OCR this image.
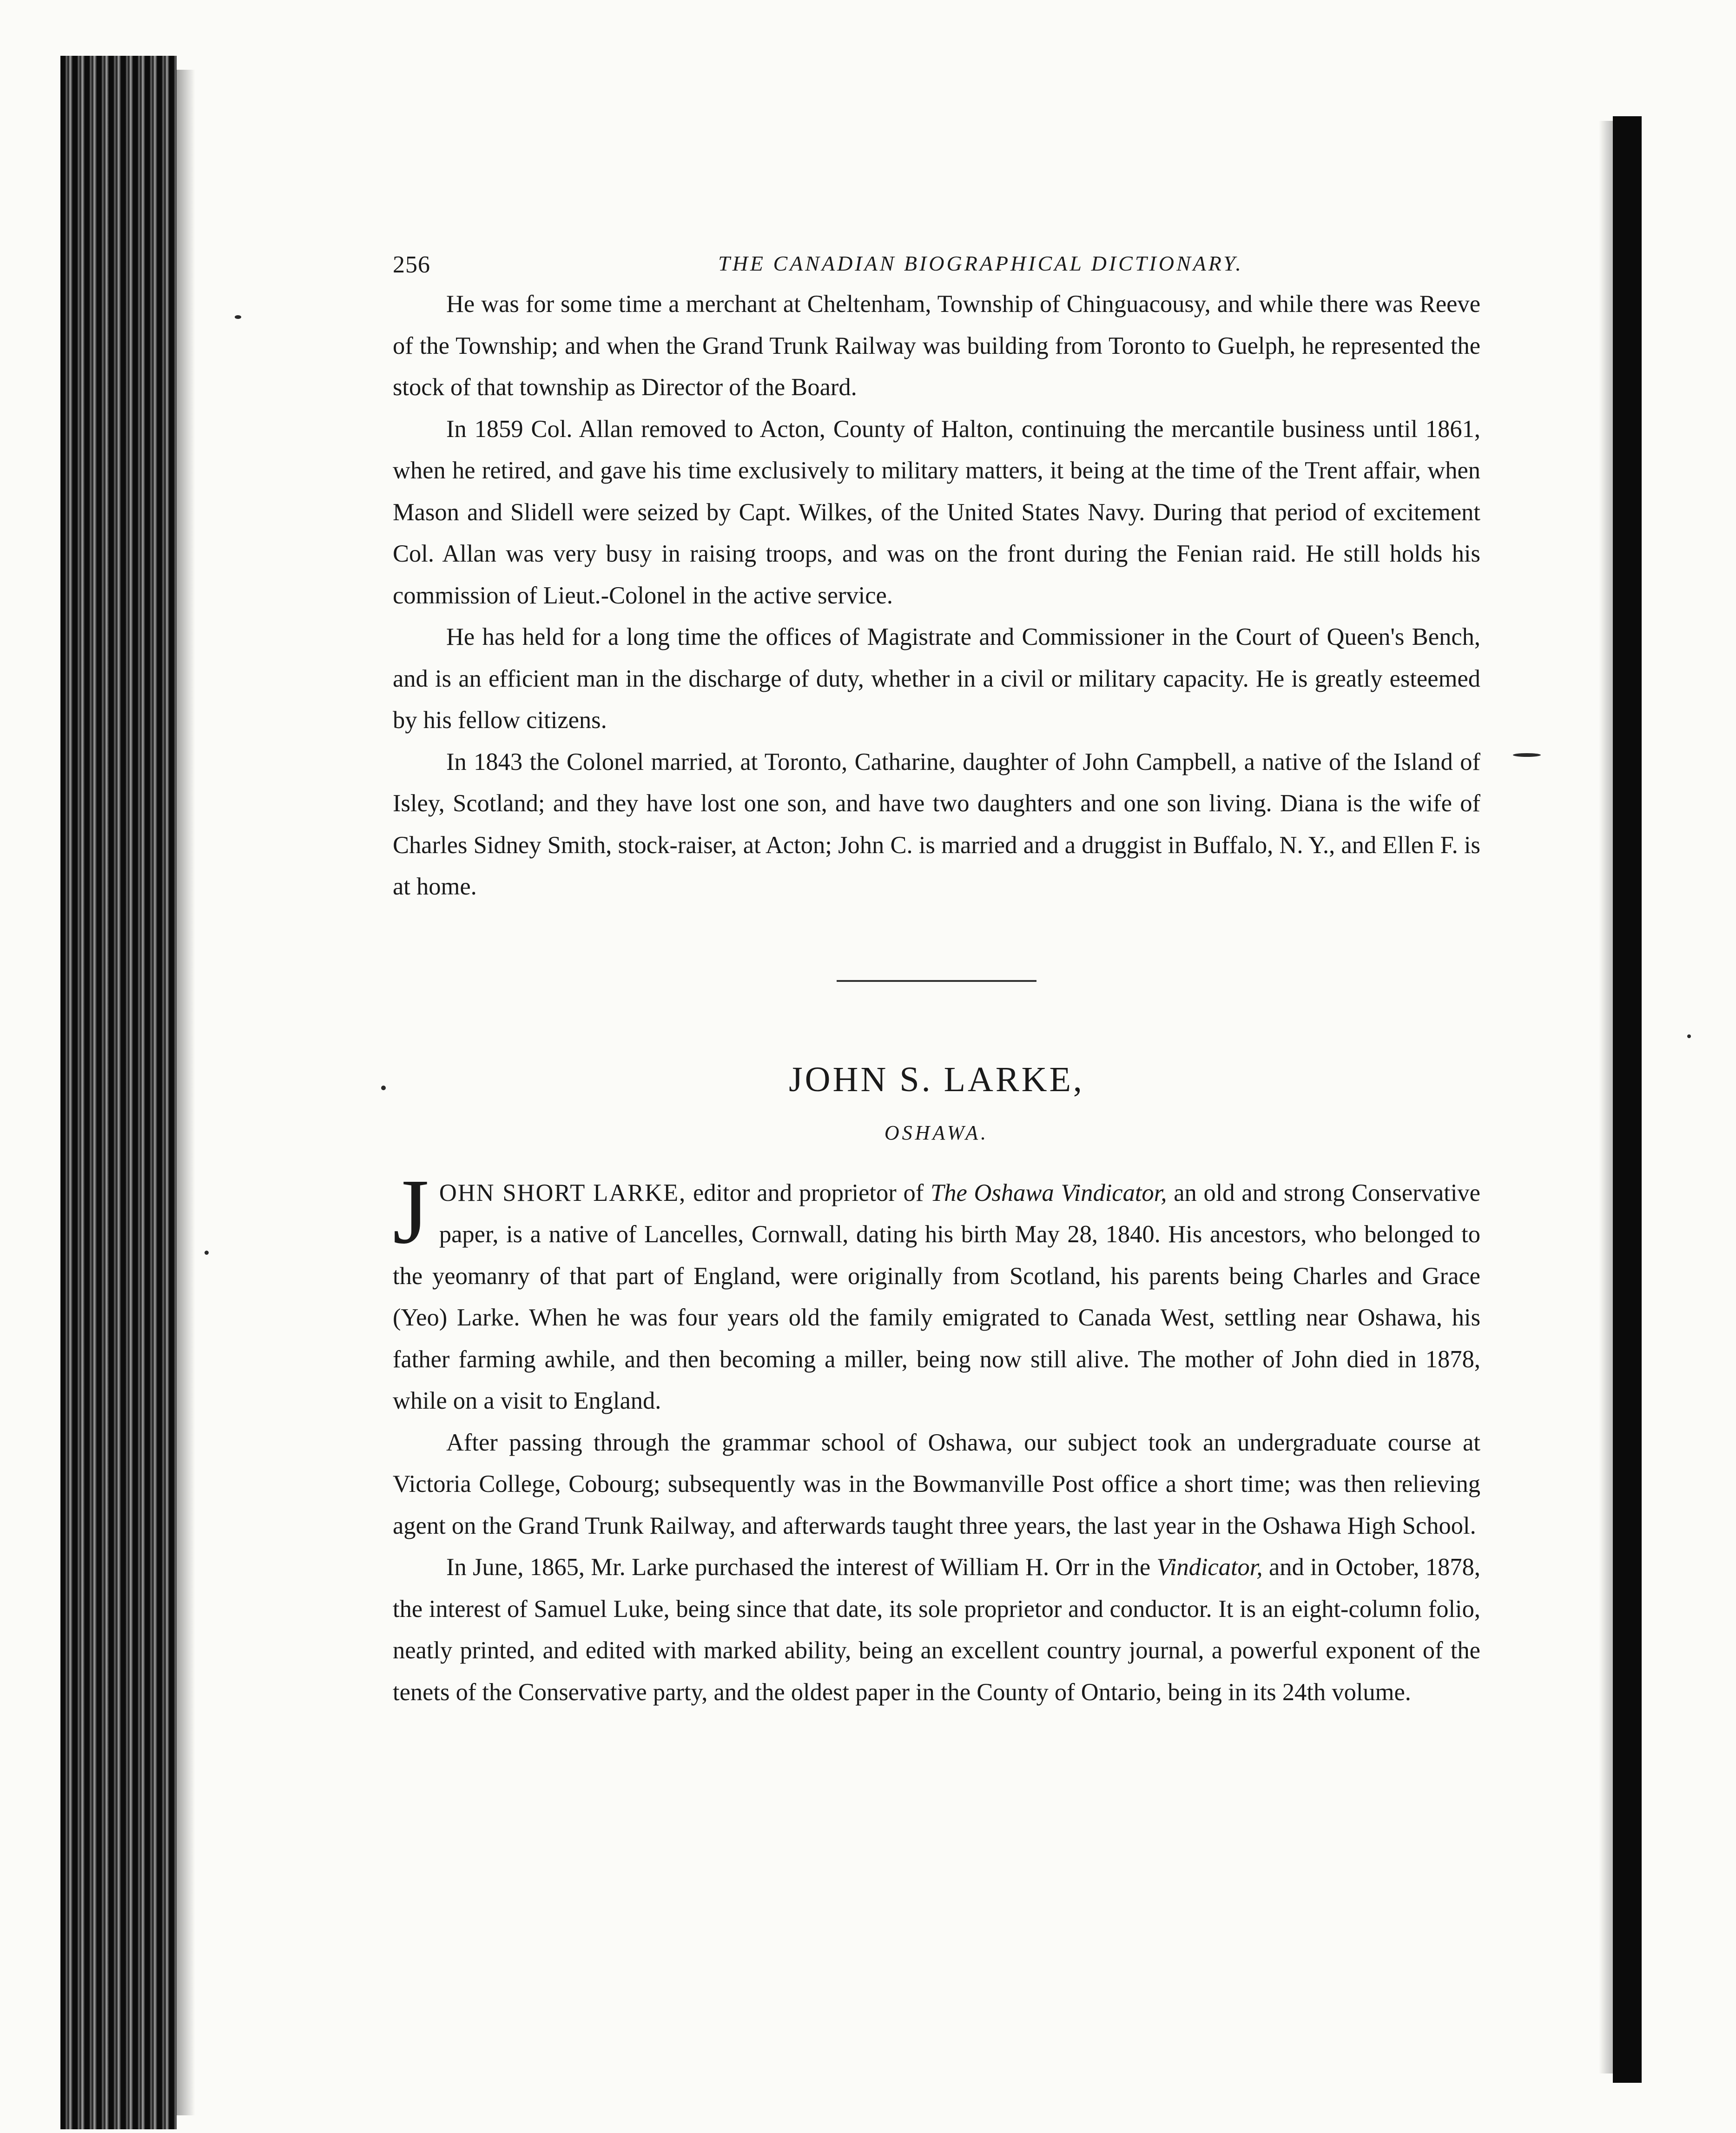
256	THE CANADIAN BIOGRAPHICAL DICTIONARY.

He was for some time a merchant at Cheltenham, Township of Chinguacousy, and while there was Reeve of the Township; and when the Grand Trunk Railway was building from Toronto to Guelph, he represented the stock of that township as Director of the Board.

In 1859 Col. Allan removed to Acton, County of Halton, continuing the mercantile business until 1861, when he retired, and gave his time exclusively to military matters, it being at the time of the Trent affair, when Mason and Slidell were seized by Capt. Wilkes, of the United States Navy. During that period of excitement Col. Allan was very busy in raising troops, and was on the front during the Fenian raid. He still holds his commission of Lieut.-Colonel in the active service.

He has held for a long time the offices of Magistrate and Commissioner in the Court of Queen's Bench, and is an efficient man in the discharge of duty, whether in a civil or military capacity. He is greatly esteemed by his fellow citizens.

In 1843 the Colonel married, at Toronto, Catharine, daughter of John Campbell, a native of the Island of Isley, Scotland; and they have lost one son, and have two daughters and one son living. Diana is the wife of Charles Sidney Smith, stock-raiser, at Acton; John C. is married and a druggist in Buffalo, N. Y., and Ellen F. is at home.

JOHN S. LARKE,
OSHAWA.

JOHN SHORT LARKE, editor and proprietor of The Oshawa Vindicator, an old and strong Conservative paper, is a native of Lancelles, Cornwall, dating his birth May 28, 1840. His ancestors, who belonged to the yeomanry of that part of England, were originally from Scotland, his parents being Charles and Grace (Yeo) Larke. When he was four years old the family emigrated to Canada West, settling near Oshawa, his father farming awhile, and then becoming a miller, being now still alive. The mother of John died in 1878, while on a visit to England.

After passing through the grammar school of Oshawa, our subject took an undergraduate course at Victoria College, Cobourg; subsequently was in the Bowmanville Post office a short time; was then relieving agent on the Grand Trunk Railway, and afterwards taught three years, the last year in the Oshawa High School.

In June, 1865, Mr. Larke purchased the interest of William H. Orr in the Vindicator, and in October, 1878, the interest of Samuel Luke, being since that date, its sole proprietor and conductor. It is an eight-column folio, neatly printed, and edited with marked ability, being an excellent country journal, a powerful exponent of the tenets of the Conservative party, and the oldest paper in the County of Ontario, being in its 24th volume.
